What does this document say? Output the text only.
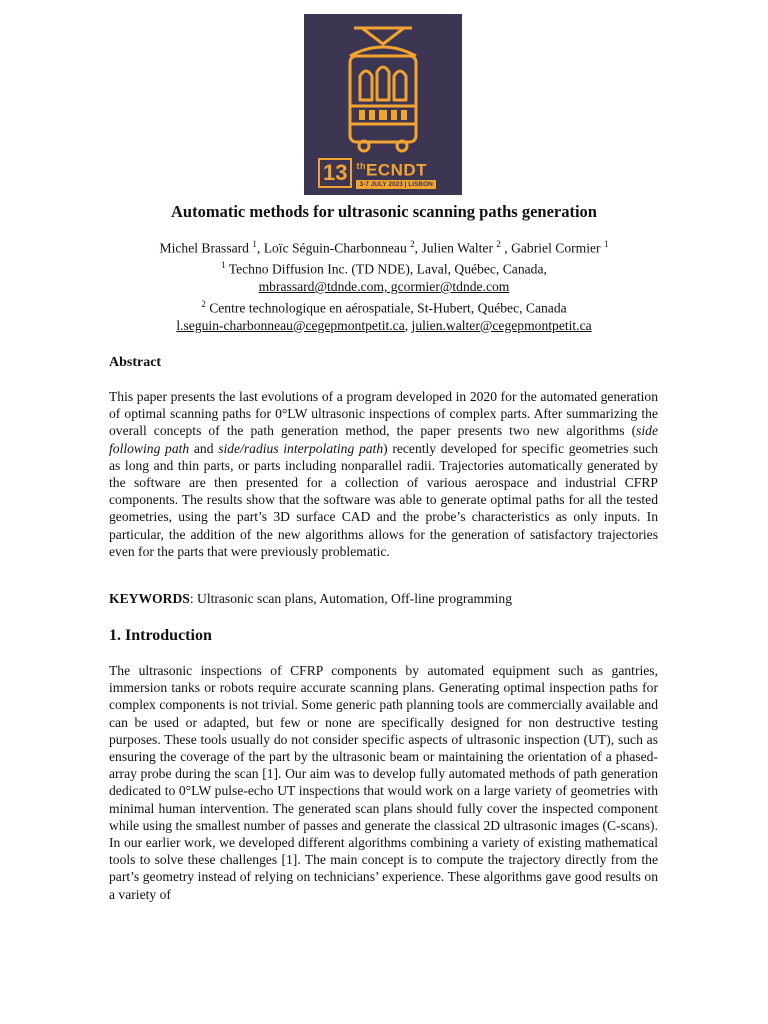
13	$^{th}$ECNDT
3-7 JULY 2023 | LISBON
Automatic methods for ultrasonic scanning paths generation
Michel Brassard $^1$, Loïc Séguin-Charbonneau $^2$, Julien Walter $^2$ , Gabriel Cormier $^1$
$^1$ Techno Diffusion Inc. (TD NDE), Laval, Québec, Canada,
mbrassard@tdnde.com, gcormier@tdnde.com
$^2$ Centre technologique en aérospatiale, St-Hubert, Québec, Canada
l.seguin-charbonneau@cegepmontpetit.ca, julien.walter@cegepmontpetit.ca
Abstract
This paper presents the last evolutions of a program developed in 2020 for the automated generation of optimal scanning paths for 0°LW ultrasonic inspections of complex parts. After summarizing the overall concepts of the path generation method, the paper presents two new algorithms (side following path and side/radius interpolating path) recently developed for specific geometries such as long and thin parts, or parts including nonparallel radii. Trajectories automatically generated by the software are then presented for a collection of various aerospace and industrial CFRP components. The results show that the software was able to generate optimal paths for all the tested geometries, using the part’s 3D surface CAD and the probe’s characteristics as only inputs. In particular, the addition of the new algorithms allows for the generation of satisfactory trajectories even for the parts that were previously problematic.
KEYWORDS: Ultrasonic scan plans, Automation, Off-line programming
1. Introduction
The ultrasonic inspections of CFRP components by automated equipment such as gantries, immersion tanks or robots require accurate scanning plans. Generating optimal inspection paths for complex components is not trivial. Some generic path planning tools are commercially available and can be used or adapted, but few or none are specifically designed for non destructive testing purposes. These tools usually do not consider specific aspects of ultrasonic inspection (UT), such as ensuring the coverage of the part by the ultrasonic beam or maintaining the orientation of a phased-array probe during the scan [1]. Our aim was to develop fully automated methods of path generation dedicated to 0°LW pulse-echo UT inspections that would work on a large variety of geometries with minimal human intervention. The generated scan plans should fully cover the inspected component while using the smallest number of passes and generate the classical 2D ultrasonic images (C-scans). In our earlier work, we developed different algorithms combining a variety of existing mathematical tools to solve these challenges [1]. The main concept is to compute the trajectory directly from the part’s geometry instead of relying on technicians’ experience. These algorithms gave good results on a variety of
